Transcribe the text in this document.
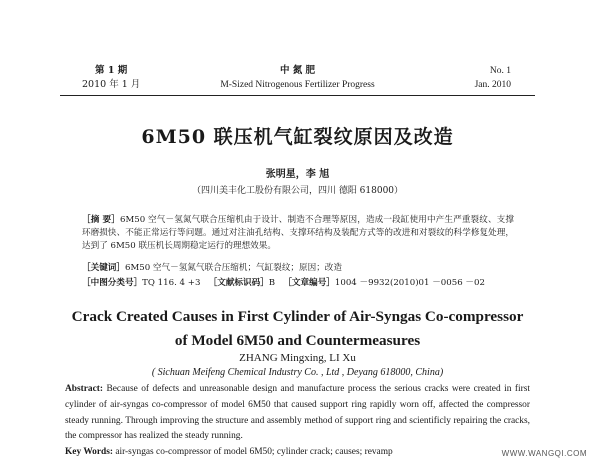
第 1 期
2010 年 1 月
中 氮 肥
M-Sized Nitrogenous Fertilizer Progress
No. 1
Jan. 2010
6M50 联压机气缸裂纹原因及改造
张明星，李 旭
（四川美丰化工股份有限公司，四川 德阳 618000）
［摘 要］6M50 空气－氢氮气联合压缩机由于设计、制造不合理等原因，造成一段缸使用中产生严重裂纹、支撑环磨损快、不能正常运行等问题。通过对注油孔结构、支撑环结构及装配方式等的改进和对裂纹的科学修复处理，达到了 6M50 联压机长周期稳定运行的理想效果。
［关键词］6M50 空气－氢氮气联合压缩机；气缸裂纹；原因；改造
［中图分类号］TQ 116. 4 +3 ［文献标识码］B ［文章编号］1004 －9932(2010)01 －0056 －02
Crack Created Causes in First Cylinder of Air-Syngas Co-compressor
of Model 6M50 and Countermeasures
ZHANG Mingxing, LI Xu
( Sichuan Meifeng Chemical Industry Co. , Ltd , Deyang 618000, China)
Abstract: Because of defects and unreasonable design and manufacture process the serious cracks were created in first cylinder of air-syngas co-compressor of model 6M50 that caused support ring rapidly worn off, affected the compressor steady running. Through improving the structure and assembly method of support ring and scientificly repairing the cracks, the compressor has realized the steady running.
Key Words: air-syngas co-compressor of model 6M50; cylinder crack; causes; revamp	WWW.WANGQI.COM
